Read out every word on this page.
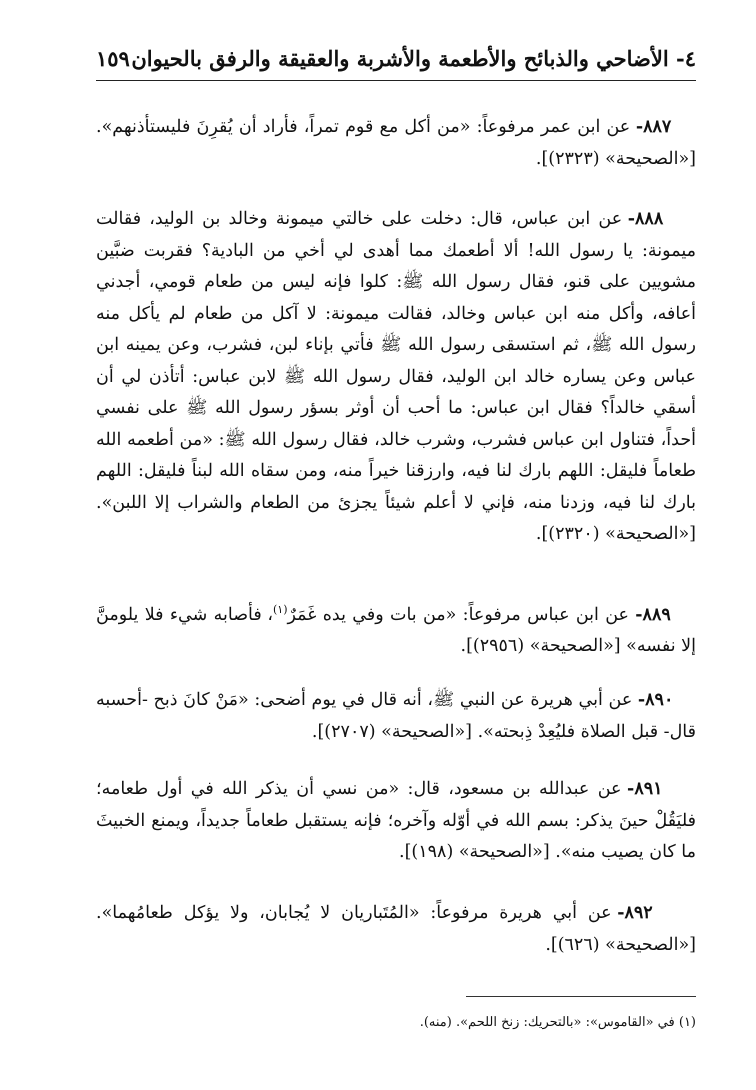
٤- الأضاحي والذبائح والأطعمة والأشربة والعقيقة والرفق بالحيوان
١٥٩

٨٨٧- عن ابن عمر مرفوعاً: «من أكل مع قوم تمراً، فأراد أن يُقرِنَ فليستأذنهم». [«الصحيحة» (٢٣٢٣)].

٨٨٨- عن ابن عباس، قال: دخلت على خالتي ميمونة وخالد بن الوليد، فقالت ميمونة: يا رسول الله! ألا أطعمك مما أهدى لي أخي من البادية؟ فقربت ضبَّين مشويين على قنو، فقال رسول الله ﷺ: كلوا فإنه ليس من طعام قومي، أجدني أعافه، وأكل منه ابن عباس وخالد، فقالت ميمونة: لا آكل من طعام لم يأكل منه رسول الله ﷺ، ثم استسقى رسول الله ﷺ فأتي بإناء لبن، فشرب، وعن يمينه ابن عباس وعن يساره خالد ابن الوليد، فقال رسول الله ﷺ لابن عباس: أتأذن لي أن أسقي خالداً؟ فقال ابن عباس: ما أحب أن أوثر بسؤر رسول الله ﷺ على نفسي أحداً، فتناول ابن عباس فشرب، وشرب خالد، فقال رسول الله ﷺ: «من أطعمه الله طعاماً فليقل: اللهم بارك لنا فيه، وارزقنا خيراً منه، ومن سقاه الله لبناً فليقل: اللهم بارك لنا فيه، وزدنا منه، فإني لا أعلم شيئاً يجزئ من الطعام والشراب إلا اللبن». [«الصحيحة» (٢٣٢٠)].

٨٨٩- عن ابن عباس مرفوعاً: «من بات وفي يده غَمَرٌ$^{(١)}$، فأصابه شيء فلا يلومنَّ إلا نفسه» [«الصحيحة» (٢٩٥٦)].

٨٩٠- عن أبي هريرة عن النبي ﷺ، أنه قال في يوم أضحى: «مَنْ كانَ ذبح -أحسبه قال- قبل الصلاة فليُعِدْ ذِبحته». [«الصحيحة» (٢٧٠٧)].

٨٩١- عن عبدالله بن مسعود، قال: «من نسي أن يذكر الله في أول طعامه؛ فليَقُلْ حينَ يذكر: بسم الله في أوّله وآخره؛ فإنه يستقبل طعاماً جديداً، ويمنع الخبيثَ ما كان يصيب منه». [«الصحيحة» (١٩٨)].

٨٩٢- عن أبي هريرة مرفوعاً: «المُتَباريان لا يُجابان، ولا يؤكل طعامُهما». [«الصحيحة» (٦٢٦)].

(١) في «القاموس»: «بالتحريك: زنخ اللحم». (منه).
